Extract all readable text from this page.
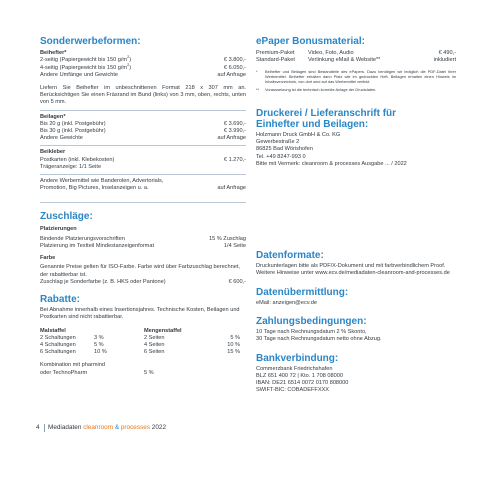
Sonderwerbeformen:
Beihefter*
2-seitig (Papiergewicht bis 150 $g/m^2$)	€ 3.800,-
4-seitig (Papiergewicht bis 150 $g/m^2$)	€ 6.050,-
Andere Umfänge und Gewichte	auf Anfrage
Liefern Sie Beihefter im unbeschnittenen Format 218 x 307 mm an. Berücksichtigen Sie einen Fräsrand im Bund (links) von 3 mm, oben, rechts, unten von 5 mm.
Beilagen*
Bis 20 g (inkl. Postgebühr)	€ 3.690,-
Bis 30 g (inkl. Postgebühr)	€ 3.990,-
Andere Gewichte	auf Anfrage
Beikleber
Postkarten (inkl. Klebekosten)	€ 1.270,-
Trägeranzeige: 1/1 Seite
Andere Werbemittel wie Banderolen, Advertorials, Promotion, Big Pictures, Inselanzeigen u. a.	auf Anfrage
Zuschläge:
Platzierungen
Bindende Platzierungsvorschriften	15 % Zuschlag
Platzierung im Textteil Mindestanzeigenformat	1/4 Seite
Farbe
Genannte Preise gelten für ISO-Farbe. Farbe wird über Farbzuschlag berechnet, der rabattierbar ist.
Zuschlag je Sonderfarbe (z. B. HKS oder Pantone)	€ 600,-
Rabatte:
Bei Abnahme innerhalb eines Insertionsjahres. Technische Kosten, Beilagen und Postkarten sind nicht rabattierbar.
Malstaffel	Mengenstaffel
2 Schaltungen	3 %	2 Seiten	5 %
4 Schaltungen	5 %	4 Seiten	10 %
6 Schaltungen	10 %	6 Seiten	15 %
Kombination mit pharmind
oder TechnoPharm	5 %
ePaper Bonusmaterial:
Premium-Paket	Video, Foto, Audio	€ 490,-
Standard-Paket	Verlinkung eMail & Website**	inkludiert
*	Beihefter und Beilagen sind Bestandteile des ePapers. Dazu benötigen wir lediglich die PDF-Datei Ihrer Werbemittel. Beihefter erhalten dann Platz wie im gedruckten Heft, Beilagen erhalten einen Hinweis im Inhaltsverzeichnis, von dort sind auf das Werbemittel verlinkt.
**	Voraussetzung ist die technisch korrekte Anlage der Druckdaten.
Druckerei / Lieferanschrift für
Einhefter und Beilagen:
Holzmann Druck GmbH & Co. KG
Gewerbestraße 2
86825 Bad Wörishofen
Tel. +49 8247-993 0
Bitte mit Vermerk: cleanroom & processes Ausgabe ... / 2022
Datenformate:
Druckunterlagen bitte als PDF/X-Dokument und mit farbverbindlichem Proof. Weitere Hinweise unter www.ecv.de/mediadaten-cleanroom-and-processes.de
Datenübermittlung:
eMail: anzeigen@ecv.de
Zahlungsbedingungen:
10 Tage nach Rechnungsdatum 2 % Skonto,
30 Tage nach Rechnungsdatum netto ohne Abzug.
Bankverbindung:
Commerzbank Friedrichshafen
BLZ 651 400 72 | Kto. 1 708 08000
IBAN: DE21 6514 0072 0170 808000
SWIFT-BIC: COBADEFFXXX
4 Mediadaten cleanroom & processes 2022
